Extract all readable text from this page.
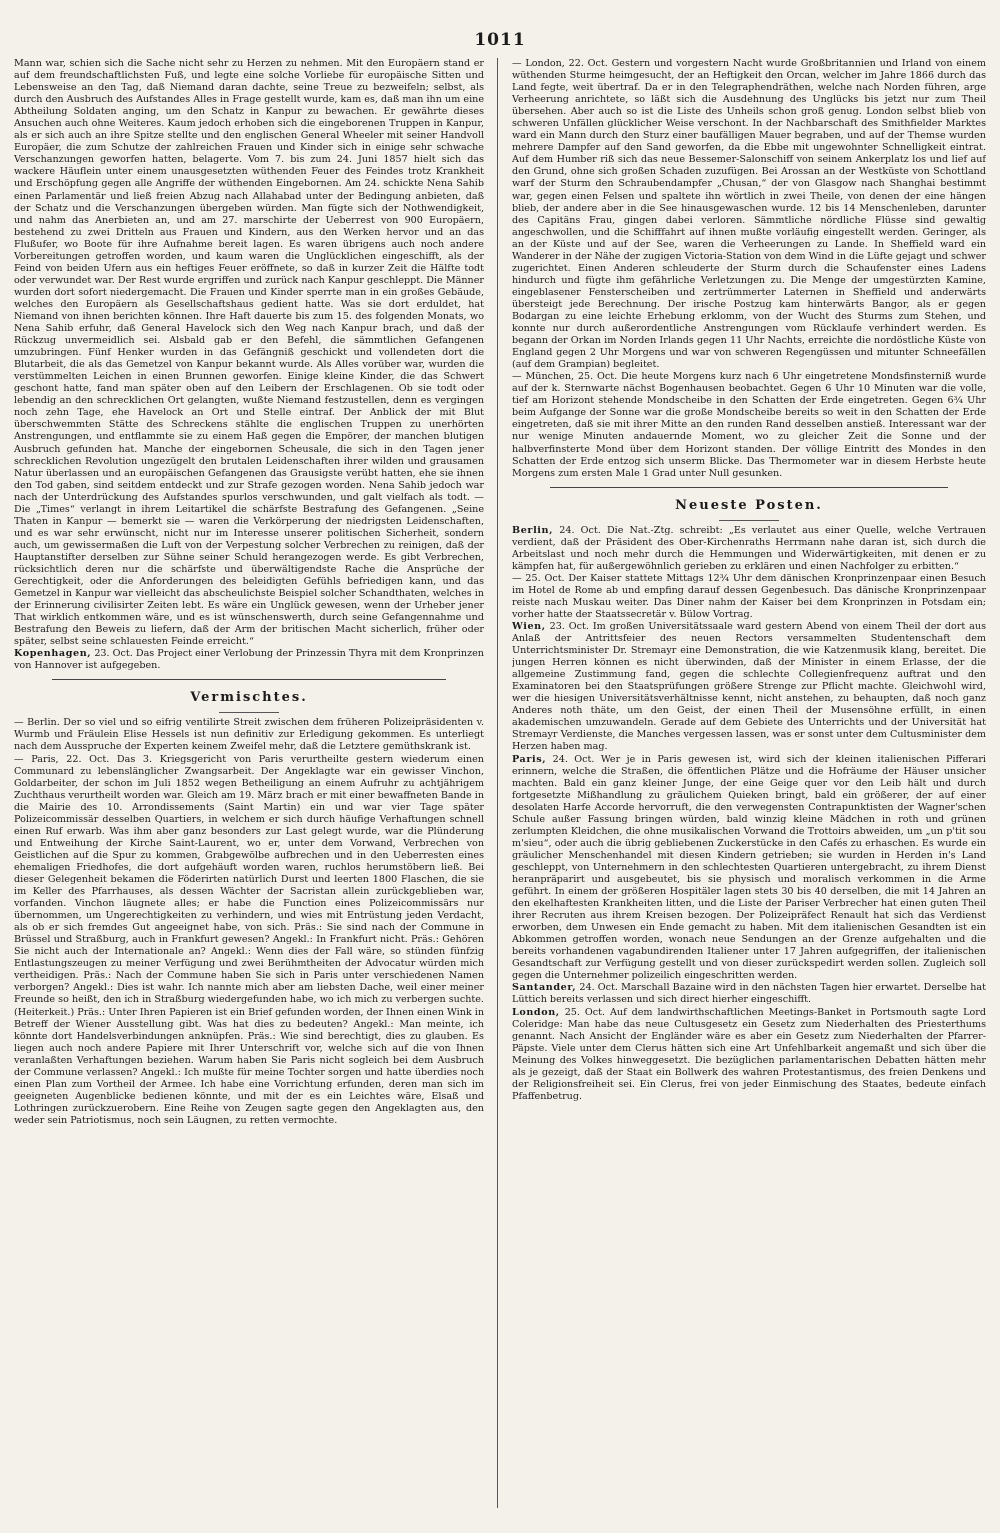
1011

Mann war, schien sich die Sache nicht sehr zu Herzen zu nehmen. Mit den Europäern stand er auf dem freundschaftlichsten Fuß, und legte eine solche Vorliebe für europäische Sitten und Lebensweise an den Tag, daß Niemand daran dachte, seine Treue zu bezweifeln; selbst, als durch den Ausbruch des Aufstandes Alles in Frage gestellt wurde, kam es, daß man ihn um eine Abtheilung Soldaten anging, um den Schatz in Kanpur zu bewachen. Er gewährte dieses Ansuchen auch ohne Weiteres. Kaum jedoch erhoben sich die eingeborenen Truppen in Kanpur, als er sich auch an ihre Spitze stellte und den englischen General Wheeler mit seiner Handvoll Europäer, die zum Schutze der zahlreichen Frauen und Kinder sich in einige sehr schwache Verschanzungen geworfen hatten, belagerte. Vom 7. bis zum 24. Juni 1857 hielt sich das wackere Häuflein unter einem unausgesetzten wüthenden Feuer des Feindes trotz Krankheit und Erschöpfung gegen alle Angriffe der wüthenden Eingebornen. Am 24. schickte Nena Sahib einen Parlamentär und ließ freien Abzug nach Allahabad unter der Bedingung anbieten, daß der Schatz und die Verschanzungen übergeben würden. Man fügte sich der Nothwendigkeit, und nahm das Anerbieten an, und am 27. marschirte der Ueberrest von 900 Europäern, bestehend zu zwei Dritteln aus Frauen und Kindern, aus den Werken hervor und an das Flußufer, wo Boote für ihre Aufnahme bereit lagen. Es waren übrigens auch noch andere Vorbereitungen getroffen worden, und kaum waren die Unglücklichen eingeschifft, als der Feind von beiden Ufern aus ein heftiges Feuer eröffnete, so daß in kurzer Zeit die Hälfte todt oder verwundet war. Der Rest wurde ergriffen und zurück nach Kanpur geschleppt. Die Männer wurden dort sofort niedergemacht. Die Frauen und Kinder sperrte man in ein großes Gebäude, welches den Europäern als Gesellschaftshaus gedient hatte. Was sie dort erduldet, hat Niemand von ihnen berichten können. Ihre Haft dauerte bis zum 15. des folgenden Monats, wo Nena Sahib erfuhr, daß General Havelock sich den Weg nach Kanpur brach, und daß der Rückzug unvermeidlich sei. Alsbald gab er den Befehl, die sämmtlichen Gefangenen umzubringen. Fünf Henker wurden in das Gefängniß geschickt und vollendeten dort die Blutarbeit, die als das Gemetzel von Kanpur bekannt wurde. Als Alles vorüber war, wurden die verstümmelten Leichen in einen Brunnen geworfen. Einige kleine Kinder, die das Schwert geschont hatte, fand man später oben auf den Leibern der Erschlagenen. Ob sie todt oder lebendig an den schrecklichen Ort gelangten, wußte Niemand festzustellen, denn es vergingen noch zehn Tage, ehe Havelock an Ort und Stelle eintraf. Der Anblick der mit Blut überschwemmten Stätte des Schreckens stählte die englischen Truppen zu unerhörten Anstrengungen, und entflammte sie zu einem Haß gegen die Empörer, der manchen blutigen Ausbruch gefunden hat. Manche der eingebornen Scheusale, die sich in den Tagen jener schrecklichen Revolution ungezügelt den brutalen Leidenschaften ihrer wilden und grausamen Natur überlassen und an europäischen Gefangenen das Grausigste verübt hatten, ehe sie ihnen den Tod gaben, sind seitdem entdeckt und zur Strafe gezogen worden. Nena Sahib jedoch war nach der Unterdrückung des Aufstandes spurlos verschwunden, und galt vielfach als todt. — Die „Times“ verlangt in ihrem Leitartikel die schärfste Bestrafung des Gefangenen. „Seine Thaten in Kanpur — bemerkt sie — waren die Verkörperung der niedrigsten Leidenschaften, und es war sehr erwünscht, nicht nur im Interesse unserer politischen Sicherheit, sondern auch, um gewissermaßen die Luft von der Verpestung solcher Verbrechen zu reinigen, daß der Hauptanstifter derselben zur Sühne seiner Schuld herangezogen werde. Es gibt Verbrechen, rücksichtlich deren nur die schärfste und überwältigendste Rache die Ansprüche der Gerechtigkeit, oder die Anforderungen des beleidigten Gefühls befriedigen kann, und das Gemetzel in Kanpur war vielleicht das abscheulichste Beispiel solcher Schandthaten, welches in der Erinnerung civilisirter Zeiten lebt. Es wäre ein Unglück gewesen, wenn der Urheber jener That wirklich entkommen wäre, und es ist wünschenswerth, durch seine Gefangennahme und Bestrafung den Beweis zu liefern, daß der Arm der britischen Macht sicherlich, früher oder später, selbst seine schlauesten Feinde erreicht.“

Kopenhagen, 23. Oct. Das Project einer Verlobung der Prinzessin Thyra mit dem Kronprinzen von Hannover ist aufgegeben.

Vermischtes.

— Berlin. Der so viel und so eifrig ventilirte Streit zwischen dem früheren Polizeipräsidenten v. Wurmb und Fräulein Elise Hessels ist nun definitiv zur Erledigung gekommen. Es unterliegt nach dem Ausspruche der Experten keinem Zweifel mehr, daß die Letztere gemüthskrank ist.

— Paris, 22. Oct. Das 3. Kriegsgericht von Paris verurtheilte gestern wiederum einen Communard zu lebenslänglicher Zwangsarbeit. Der Angeklagte war ein gewisser Vinchon, Goldarbeiter, der schon im Juli 1852 wegen Betheiligung an einem Aufruhr zu achtjährigem Zuchthaus verurtheilt worden war. Gleich am 19. März brach er mit einer bewaffneten Bande in die Mairie des 10. Arrondissements (Saint Martin) ein und war vier Tage später Polizeicommissär desselben Quartiers, in welchem er sich durch häufige Verhaftungen schnell einen Ruf erwarb. Was ihm aber ganz besonders zur Last gelegt wurde, war die Plünderung und Entweihung der Kirche Saint-Laurent, wo er, unter dem Vorwand, Verbrechen von Geistlichen auf die Spur zu kommen, Grabgewölbe aufbrechen und in den Ueberresten eines ehemaligen Friedhofes, die dort aufgehäuft worden waren, ruchlos herumstöbern ließ. Bei dieser Gelegenheit bekamen die Föderirten natürlich Durst und leerten 1800 Flaschen, die sie im Keller des Pfarrhauses, als dessen Wächter der Sacristan allein zurückgeblieben war, vorfanden. Vinchon läugnete alles; er habe die Function eines Polizeicommissärs nur übernommen, um Ungerechtigkeiten zu verhindern, und wies mit Entrüstung jeden Verdacht, als ob er sich fremdes Gut angeeignet habe, von sich. Präs.: Sie sind nach der Commune in Brüssel und Straßburg, auch in Frankfurt gewesen? Angekl.: In Frankfurt nicht. Präs.: Gehören Sie nicht auch der Internationale an? Angekl.: Wenn dies der Fall wäre, so stünden fünfzig Entlastungszeugen zu meiner Verfügung und zwei Berühmtheiten der Advocatur würden mich vertheidigen. Präs.: Nach der Commune haben Sie sich in Paris unter verschiedenen Namen verborgen? Angekl.: Dies ist wahr. Ich nannte mich aber am liebsten Dache, weil einer meiner Freunde so heißt, den ich in Straßburg wiedergefunden habe, wo ich mich zu verbergen suchte. (Heiterkeit.) Präs.: Unter Ihren Papieren ist ein Brief gefunden worden, der Ihnen einen Wink in Betreff der Wiener Ausstellung gibt. Was hat dies zu bedeuten? Angekl.: Man meinte, ich könnte dort Handelsverbindungen anknüpfen. Präs.: Wie sind berechtigt, dies zu glauben. Es liegen auch noch andere Papiere mit Ihrer Unterschrift vor, welche sich auf die von Ihnen veranlaßten Verhaftungen beziehen. Warum haben Sie Paris nicht sogleich bei dem Ausbruch der Commune verlassen? Angekl.: Ich mußte für meine Tochter sorgen und hatte überdies noch einen Plan zum Vortheil der Armee. Ich habe eine Vorrichtung erfunden, deren man sich im geeigneten Augenblicke bedienen könnte, und mit der es ein Leichtes wäre, Elsaß und Lothringen zurückzuerobern. Eine Reihe von Zeugen sagte gegen den Angeklagten aus, den weder sein Patriotismus, noch sein Läugnen, zu retten vermochte.

— London, 22. Oct. Gestern und vorgestern Nacht wurde Großbritannien und Irland von einem wüthenden Sturme heimgesucht, der an Heftigkeit den Orcan, welcher im Jahre 1866 durch das Land fegte, weit übertraf. Da er in den Telegraphendräthen, welche nach Norden führen, arge Verheerung anrichtete, so läßt sich die Ausdehnung des Unglücks bis jetzt nur zum Theil übersehen. Aber auch so ist die Liste des Unheils schon groß genug. London selbst blieb von schweren Unfällen glücklicher Weise verschont. In der Nachbarschaft des Smithfielder Marktes ward ein Mann durch den Sturz einer baufälligen Mauer begraben, und auf der Themse wurden mehrere Dampfer auf den Sand geworfen, da die Ebbe mit ungewohnter Schnelligkeit eintrat. Auf dem Humber riß sich das neue Bessemer-Salonschiff von seinem Ankerplatz los und lief auf den Grund, ohne sich großen Schaden zuzufügen. Bei Arossan an der Westküste von Schottland warf der Sturm den Schraubendampfer „Chusan,“ der von Glasgow nach Shanghai bestimmt war, gegen einen Felsen und spaltete ihn wörtlich in zwei Theile, von denen der eine hängen blieb, der andere aber in die See hinausgewaschen wurde. 12 bis 14 Menschenleben, darunter des Capitäns Frau, gingen dabei verloren. Sämmtliche nördliche Flüsse sind gewaltig angeschwollen, und die Schifffahrt auf ihnen mußte vorläufig eingestellt werden. Geringer, als an der Küste und auf der See, waren die Verheerungen zu Lande. In Sheffield ward ein Wanderer in der Nähe der zugigen Victoria-Station von dem Wind in die Lüfte gejagt und schwer zugerichtet. Einen Anderen schleuderte der Sturm durch die Schaufenster eines Ladens hindurch und fügte ihm gefährliche Verletzungen zu. Die Menge der umgestürzten Kamine, eingeblasener Fensterscheiben und zertrümmerter Laternen in Sheffield und anderwärts übersteigt jede Berechnung. Der irische Postzug kam hinterwärts Bangor, als er gegen Bodargan zu eine leichte Erhebung erklomm, von der Wucht des Sturms zum Stehen, und konnte nur durch außerordentliche Anstrengungen vom Rücklaufe verhindert werden. Es begann der Orkan im Norden Irlands gegen 11 Uhr Nachts, erreichte die nordöstliche Küste von England gegen 2 Uhr Morgens und war von schweren Regengüssen und mitunter Schneefällen (auf dem Grampian) begleitet.

— München, 25. Oct. Die heute Morgens kurz nach 6 Uhr eingetretene Mondsfinsterniß wurde auf der k. Sternwarte nächst Bogenhausen beobachtet. Gegen 6 Uhr 10 Minuten war die volle, tief am Horizont stehende Mondscheibe in den Schatten der Erde eingetreten. Gegen 6¾ Uhr beim Aufgange der Sonne war die große Mondscheibe bereits so weit in den Schatten der Erde eingetreten, daß sie mit ihrer Mitte an den runden Rand desselben anstieß. Interessant war der nur wenige Minuten andauernde Moment, wo zu gleicher Zeit die Sonne und der halbverfinsterte Mond über dem Horizont standen. Der völlige Eintritt des Mondes in den Schatten der Erde entzog sich unserm Blicke. Das Thermometer war in diesem Herbste heute Morgens zum ersten Male 1 Grad unter Null gesunken.

Neueste Posten.

Berlin, 24. Oct. Die Nat.-Ztg. schreibt: „Es verlautet aus einer Quelle, welche Vertrauen verdient, daß der Präsident des Ober-Kirchenraths Herrmann nahe daran ist, sich durch die Arbeitslast und noch mehr durch die Hemmungen und Widerwärtigkeiten, mit denen er zu kämpfen hat, für außergewöhnlich gerieben zu erklären und einen Nachfolger zu erbitten.“

— 25. Oct. Der Kaiser stattete Mittags 12¾ Uhr dem dänischen Kronprinzenpaar einen Besuch im Hotel de Rome ab und empfing darauf dessen Gegenbesuch. Das dänische Kronprinzenpaar reiste nach Muskau weiter. Das Diner nahm der Kaiser bei dem Kronprinzen in Potsdam ein; vorher hatte der Staatssecretär v. Bülow Vortrag.

Wien, 23. Oct. Im großen Universitätssaale ward gestern Abend von einem Theil der dort aus Anlaß der Antrittsfeier des neuen Rectors versammelten Studentenschaft dem Unterrichtsminister Dr. Stremayr eine Demonstration, die wie Katzenmusik klang, bereitet. Die jungen Herren können es nicht überwinden, daß der Minister in einem Erlasse, der die allgemeine Zustimmung fand, gegen die schlechte Collegienfrequenz auftrat und den Examinatoren bei den Staatsprüfungen größere Strenge zur Pflicht machte. Gleichwohl wird, wer die hiesigen Universitätsverhältnisse kennt, nicht anstehen, zu behaupten, daß noch ganz Anderes noth thäte, um den Geist, der einen Theil der Musensöhne erfüllt, in einen akademischen umzuwandeln. Gerade auf dem Gebiete des Unterrichts und der Universität hat Stremayr Verdienste, die Manches vergessen lassen, was er sonst unter dem Cultusminister dem Herzen haben mag.

Paris, 24. Oct. Wer je in Paris gewesen ist, wird sich der kleinen italienischen Pifferari erinnern, welche die Straßen, die öffentlichen Plätze und die Hofräume der Häuser unsicher machten. Bald ein ganz kleiner Junge, der eine Geige quer vor den Leib hält und durch fortgesetzte Mißhandlung zu gräulichem Quieken bringt, bald ein größerer, der auf einer desolaten Harfe Accorde hervorruft, die den verwegensten Contrapunktisten der Wagner'schen Schule außer Fassung bringen würden, bald winzig kleine Mädchen in roth und grünen zerlumpten Kleidchen, die ohne musikalischen Vorwand die Trottoirs abweiden, um „un p'tit sou m'sieu“, oder auch die übrig gebliebenen Zuckerstücke in den Cafés zu erhaschen. Es wurde ein gräulicher Menschenhandel mit diesen Kindern getrieben; sie wurden in Herden in's Land geschleppt, von Unternehmern in den schlechtesten Quartieren untergebracht, zu ihrem Dienst heranpräparirt und ausgebeutet, bis sie physisch und moralisch verkommen in die Arme geführt. In einem der größeren Hospitäler lagen stets 30 bis 40 derselben, die mit 14 Jahren an den ekelhaftesten Krankheiten litten, und die Liste der Pariser Verbrecher hat einen guten Theil ihrer Recruten aus ihrem Kreisen bezogen. Der Polizeipräfect Renault hat sich das Verdienst erworben, dem Unwesen ein Ende gemacht zu haben. Mit dem italienischen Gesandten ist ein Abkommen getroffen worden, wonach neue Sendungen an der Grenze aufgehalten und die bereits vorhandenen vagabundirenden Italiener unter 17 Jahren aufgegriffen, der italienischen Gesandtschaft zur Verfügung gestellt und von dieser zurückspedirt werden sollen. Zugleich soll gegen die Unternehmer polizeilich eingeschritten werden.

Santander, 24. Oct. Marschall Bazaine wird in den nächsten Tagen hier erwartet. Derselbe hat Lüttich bereits verlassen und sich direct hierher eingeschifft.

London, 25. Oct. Auf dem landwirthschaftlichen Meetings-Banket in Portsmouth sagte Lord Coleridge: Man habe das neue Cultusgesetz ein Gesetz zum Niederhalten des Priesterthums genannt. Nach Ansicht der Engländer wäre es aber ein Gesetz zum Niederhalten der Pfarrer-Päpste. Viele unter dem Clerus hätten sich eine Art Unfehlbarkeit angemaßt und sich über die Meinung des Volkes hinweggesetzt. Die bezüglichen parlamentarischen Debatten hätten mehr als je gezeigt, daß der Staat ein Bollwerk des wahren Protestantismus, des freien Denkens und der Religionsfreiheit sei. Ein Clerus, frei von jeder Einmischung des Staates, bedeute einfach Pfaffenbetrug.
